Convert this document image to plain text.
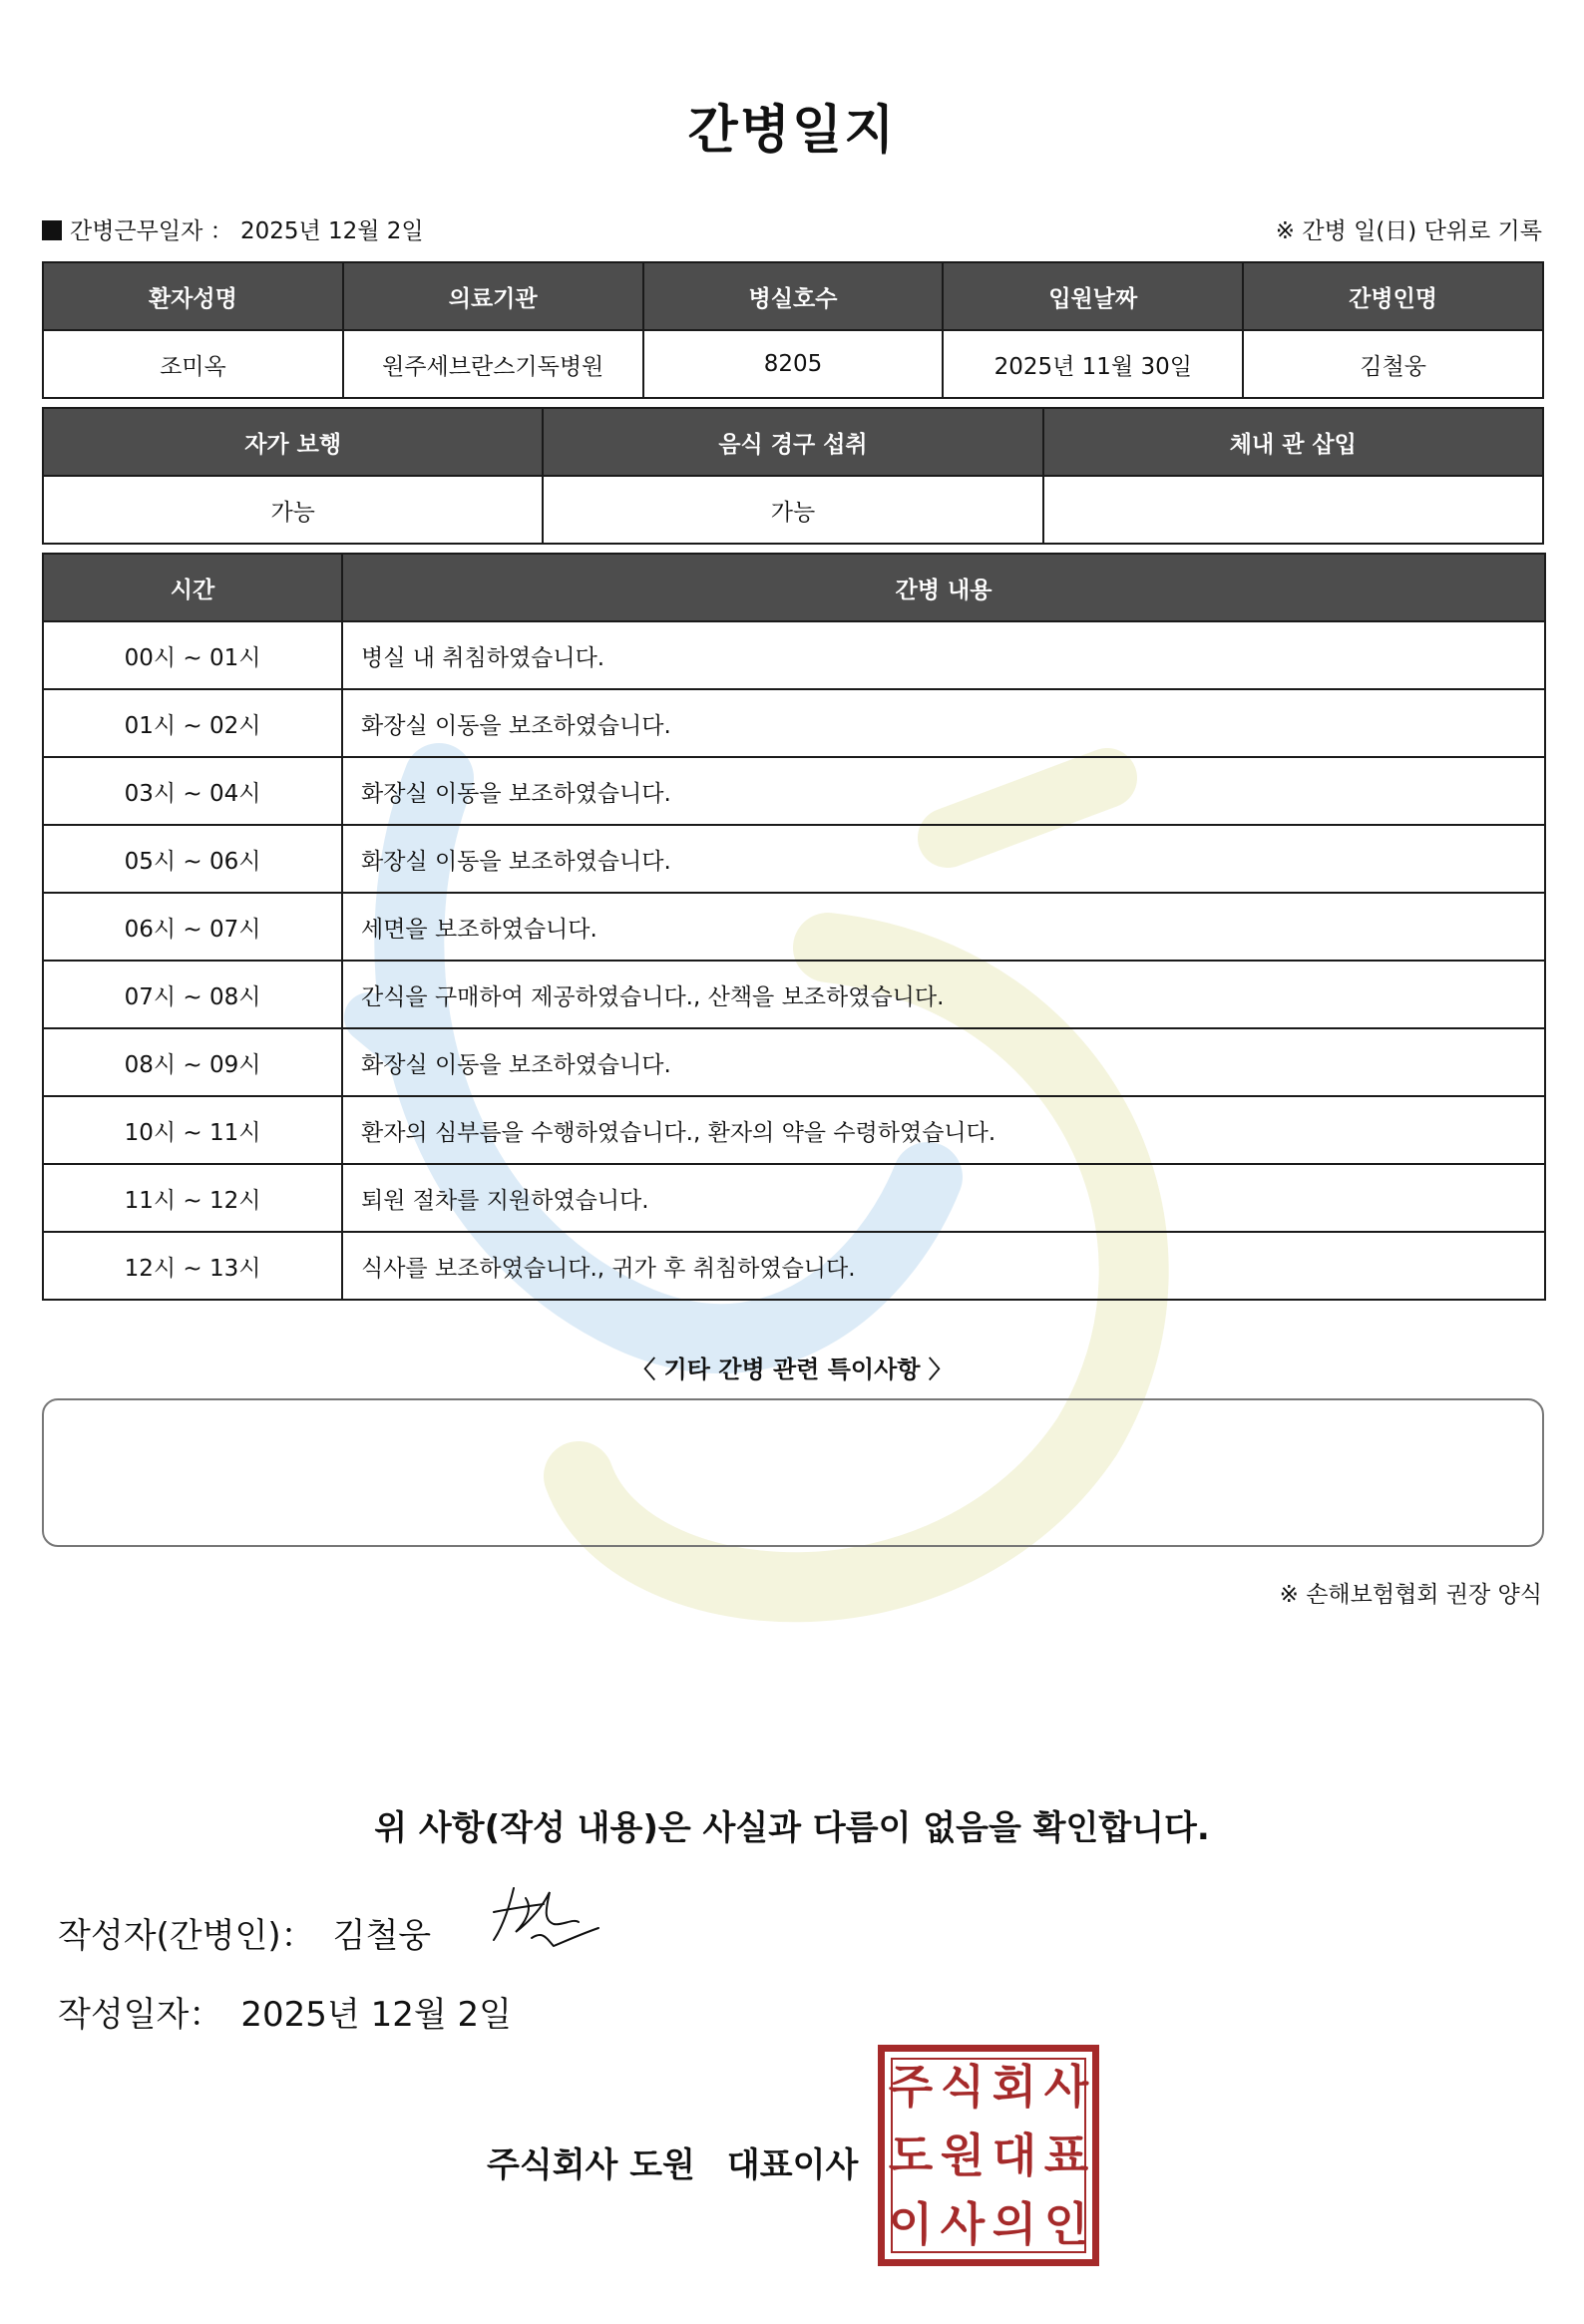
간병일지
간병근무일자 ： 2025년 12월 2일	※ 간병 일(日) 단위로 기록
환자성명	의료기관	병실호수	입원날짜	간병인명
조미옥	원주세브란스기독병원	8205	2025년 11월 30일	김철웅
자가 보행	음식 경구 섭취	체내 관 삽입
가능	가능	
시간	간병 내용
00시 ~ 01시	병실 내 취침하였습니다.
01시 ~ 02시	화장실 이동을 보조하였습니다.
03시 ~ 04시	화장실 이동을 보조하였습니다.
05시 ~ 06시	화장실 이동을 보조하였습니다.
06시 ~ 07시	세면을 보조하였습니다.
07시 ~ 08시	간식을 구매하여 제공하였습니다., 산책을 보조하였습니다.
08시 ~ 09시	화장실 이동을 보조하였습니다.
10시 ~ 11시	환자의 심부름을 수행하였습니다., 환자의 약을 수령하였습니다.
11시 ~ 12시	퇴원 절차를 지원하였습니다.
12시 ~ 13시	식사를 보조하였습니다., 귀가 후 취침하였습니다.
〈 기타 간병 관련 특이사항 〉
※ 손해보험협회 권장 양식
위 사항(작성 내용)은 사실과 다름이 없음을 확인합니다.
작성자(간병인)： 김철웅
작성일자： 2025년 12월 2일
주식회사 도원 대표이사
주 식 회 사
도 원 대 표
이 사 의 인
